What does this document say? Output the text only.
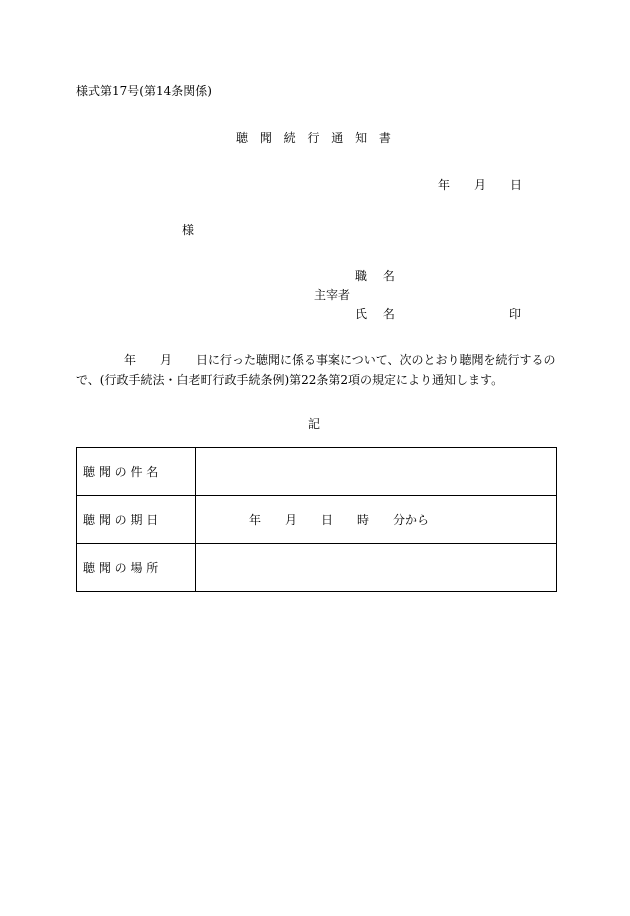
様式第17号(第14条関係)
聴 聞 続 行 通 知 書
年 月 日
様
職 名
主宰者
氏 名	印
年 月 日に行った聴聞に係る事案について、次のとおり聴聞を続行するの
で、(行政手続法・白老町行政手続条例)第22条第2項の規定により通知します。
記
聴 聞 の 件 名	
聴 聞 の 期 日	年　　月　　日　　時　　分から
聴 聞 の 場 所	
